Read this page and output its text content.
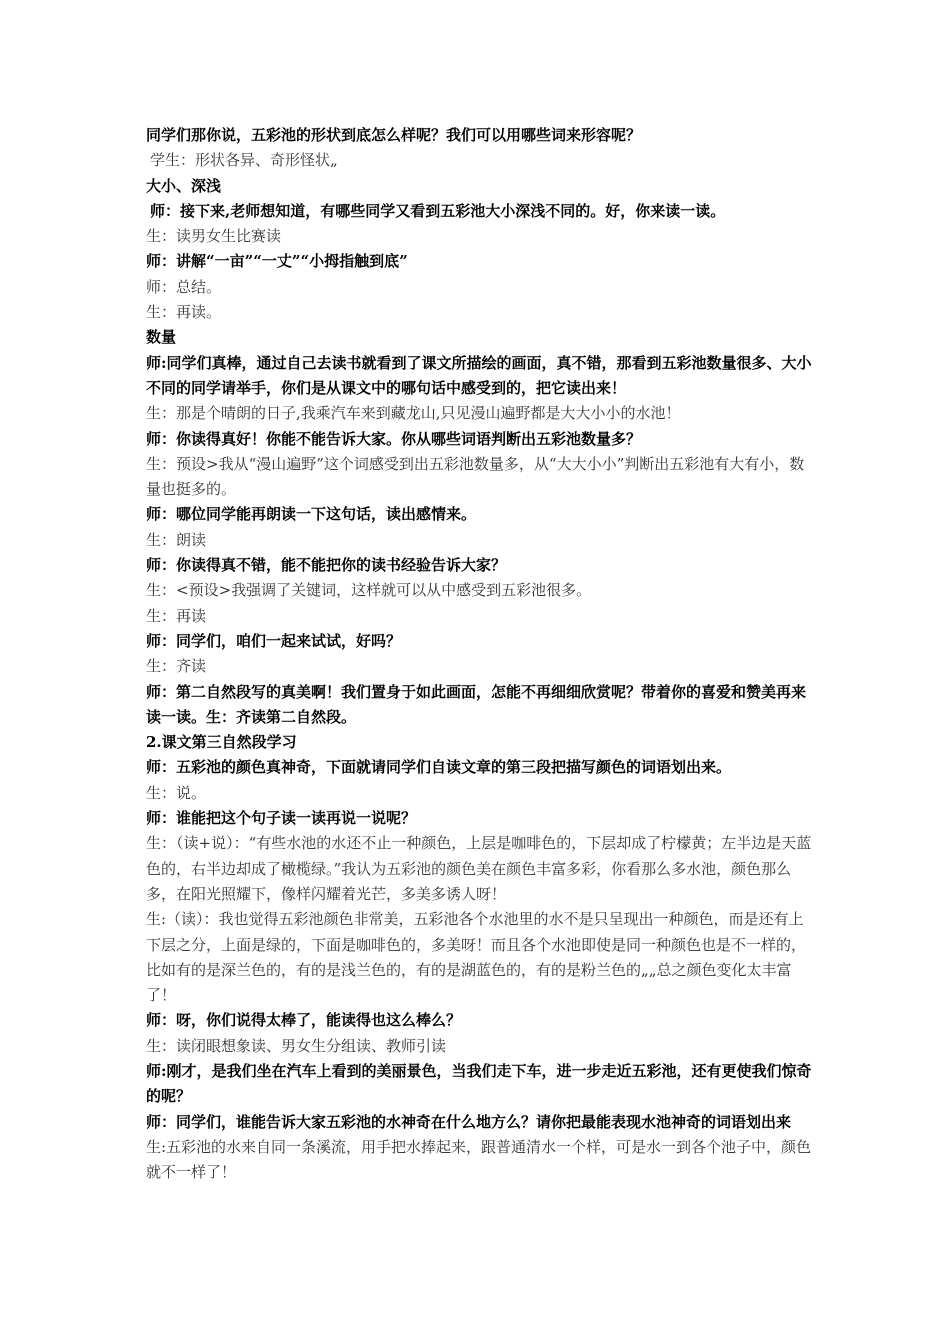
同学们那你说，五彩池的形状到底怎么样呢？我们可以用哪些词来形容呢？

学生：形状各异、奇形怪状„

大小、深浅

师：接下来,老师想知道，有哪些同学又看到五彩池大小深浅不同的。好，你来读一读。

生：读男女生比赛读

师：讲解“一亩”“一丈”“小拇指触到底”

师：总结。

生：再读。

数量

师:同学们真棒，通过自己去读书就看到了课文所描绘的画面，真不错，那看到五彩池数量很多、大小不同的同学请举手，你们是从课文中的哪句话中感受到的，把它读出来！

生：那是个晴朗的日子,我乘汽车来到藏龙山,只见漫山遍野都是大大小小的水池！

师：你读得真好！你能不能告诉大家。你从哪些词语判断出五彩池数量多？

生：预设>我从“漫山遍野”这个词感受到出五彩池数量多，从“大大小小”判断出五彩池有大有小，数量也挺多的。

师：哪位同学能再朗读一下这句话，读出感情来。

生：朗读

师：你读得真不错，能不能把你的读书经验告诉大家？

生：<预设>我强调了关键词，这样就可以从中感受到五彩池很多。

生：再读

师：同学们，咱们一起来试试，好吗？

生：齐读

师：第二自然段写的真美啊！我们置身于如此画面，怎能不再细细欣赏呢？带着你的喜爱和赞美再来读一读。生：齐读第二自然段。

2.课文第三自然段学习

师：五彩池的颜色真神奇，下面就请同学们自读文章的第三段把描写颜色的词语划出来。

生：说。

师：谁能把这个句子读一读再说一说呢？

生：（读+说）：“有些水池的水还不止一种颜色，上层是咖啡色的，下层却成了柠檬黄；左半边是天蓝色的，右半边却成了橄榄绿。”我认为五彩池的颜色美在颜色丰富多彩，你看那么多水池，颜色那么多，在阳光照耀下，像样闪耀着光芒，多美多诱人呀！

生:（读）：我也觉得五彩池颜色非常美，五彩池各个水池里的水不是只呈现出一种颜色，而是还有上下层之分，上面是绿的，下面是咖啡色的，多美呀！而且各个水池即使是同一种颜色也是不一样的，

比如有的是深兰色的，有的是浅兰色的，有的是湖蓝色的，有的是粉兰色的„„总之颜色变化太丰富了！

师：呀，你们说得太棒了，能读得也这么棒么？

生：读闭眼想象读、男女生分组读、教师引读

师:刚才，是我们坐在汽车上看到的美丽景色，当我们走下车，进一步走近五彩池，还有更使我们惊奇的呢？

师：同学们，谁能告诉大家五彩池的水神奇在什么地方么？请你把最能表现水池神奇的词语划出来

生:五彩池的水来自同一条溪流，用手把水捧起来，跟普通清水一个样，可是水一到各个池子中，颜色就不一样了！
